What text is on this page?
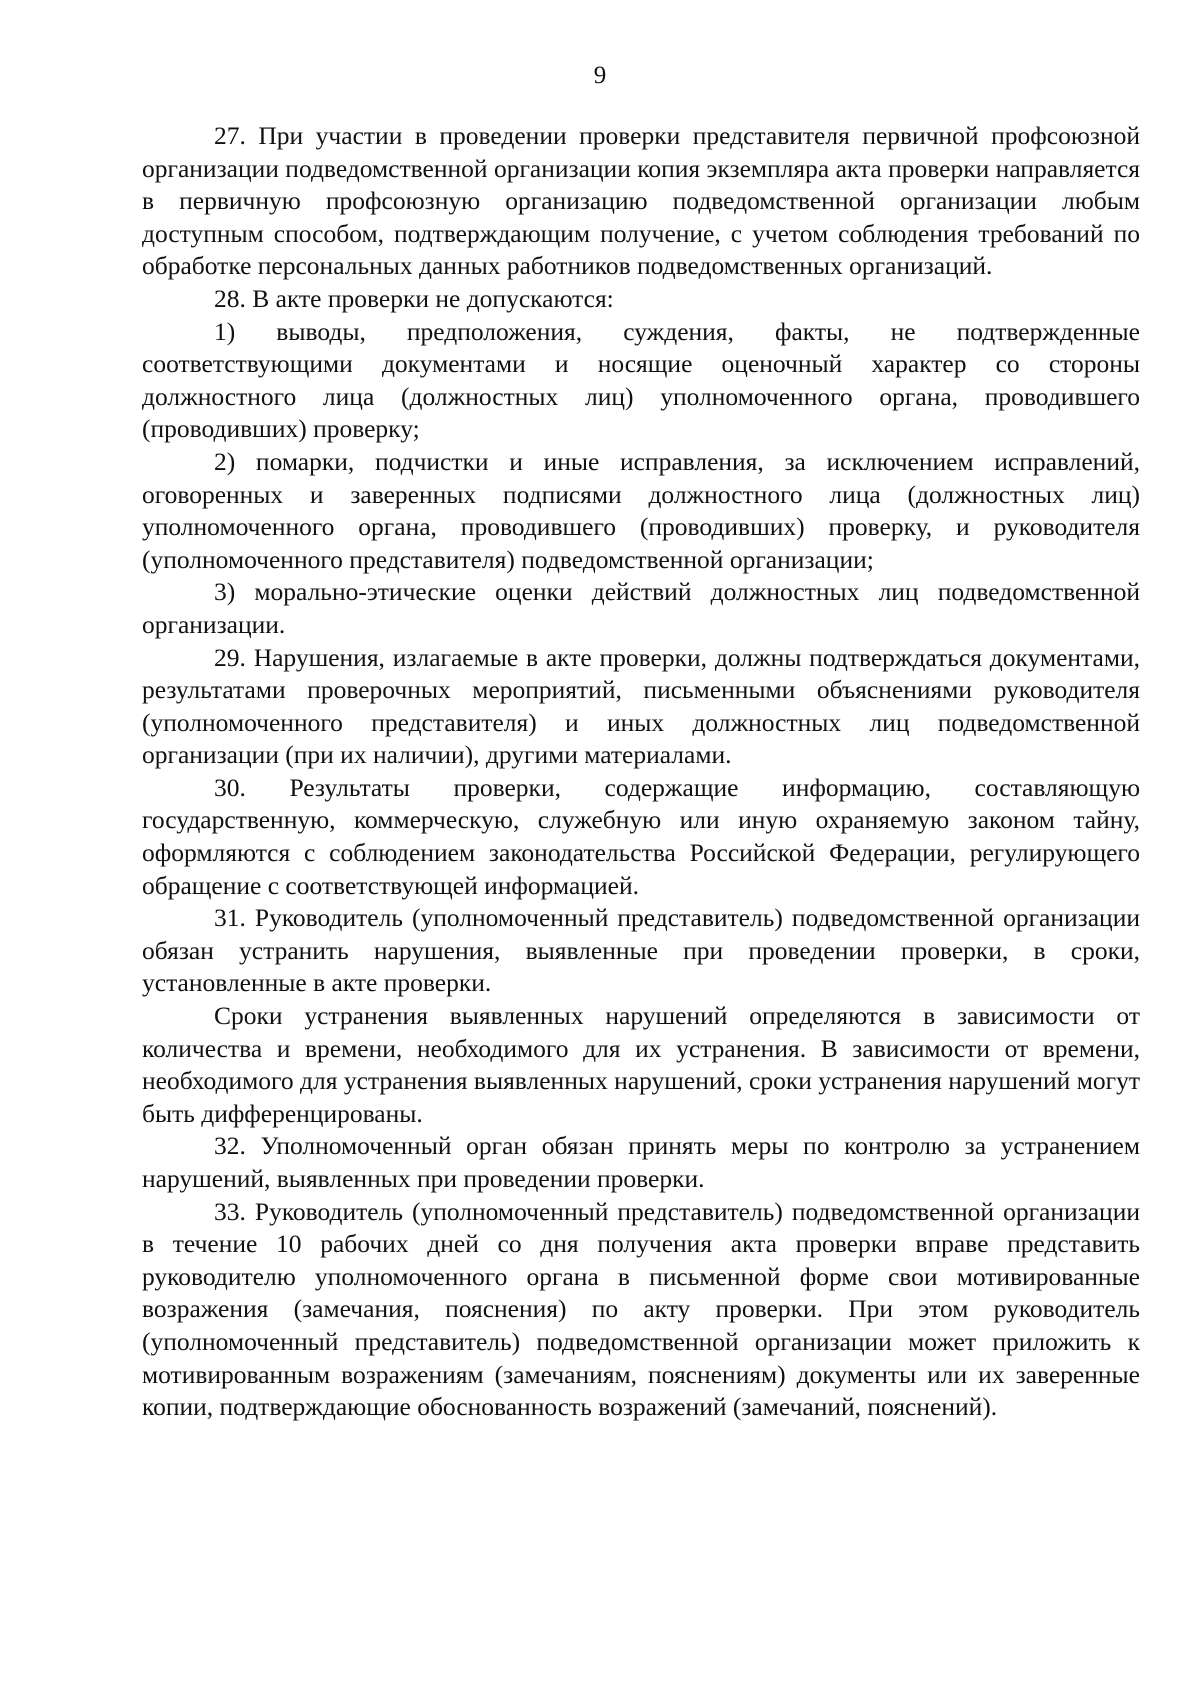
9

27. При участии в проведении проверки представителя первичной профсоюзной организации подведомственной организации копия экземпляра акта проверки направляется в первичную профсоюзную организацию подведомственной организации любым доступным способом, подтверждающим получение, с учетом соблюдения требований по обработке персональных данных работников подведомственных организаций.

28. В акте проверки не допускаются:

1) выводы, предположения, суждения, факты, не подтвержденные соответствующими документами и носящие оценочный характер со стороны должностного лица (должностных лиц) уполномоченного органа, проводившего (проводивших) проверку;

2) помарки, подчистки и иные исправления, за исключением исправлений, оговоренных и заверенных подписями должностного лица (должностных лиц) уполномоченного органа, проводившего (проводивших) проверку, и руководителя (уполномоченного представителя) подведомственной организации;

3) морально-этические оценки действий должностных лиц подведомственной организации.

29. Нарушения, излагаемые в акте проверки, должны подтверждаться документами, результатами проверочных мероприятий, письменными объяснениями руководителя (уполномоченного представителя) и иных должностных лиц подведомственной организации (при их наличии), другими материалами.

30. Результаты проверки, содержащие информацию, составляющую государственную, коммерческую, служебную или иную охраняемую законом тайну, оформляются с соблюдением законодательства Российской Федерации, регулирующего обращение с соответствующей информацией.

31. Руководитель (уполномоченный представитель) подведомственной организации обязан устранить нарушения, выявленные при проведении проверки, в сроки, установленные в акте проверки.

Сроки устранения выявленных нарушений определяются в зависимости от количества и времени, необходимого для их устранения. В зависимости от времени, необходимого для устранения выявленных нарушений, сроки устранения нарушений могут быть дифференцированы.

32. Уполномоченный орган обязан принять меры по контролю за устранением нарушений, выявленных при проведении проверки.

33. Руководитель (уполномоченный представитель) подведомственной организации в течение 10 рабочих дней со дня получения акта проверки вправе представить руководителю уполномоченного органа в письменной форме свои мотивированные возражения (замечания, пояснения) по акту проверки. При этом руководитель (уполномоченный представитель) подведомственной организации может приложить к мотивированным возражениям (замечаниям, пояснениям) документы или их заверенные копии, подтверждающие обоснованность возражений (замечаний, пояснений).
